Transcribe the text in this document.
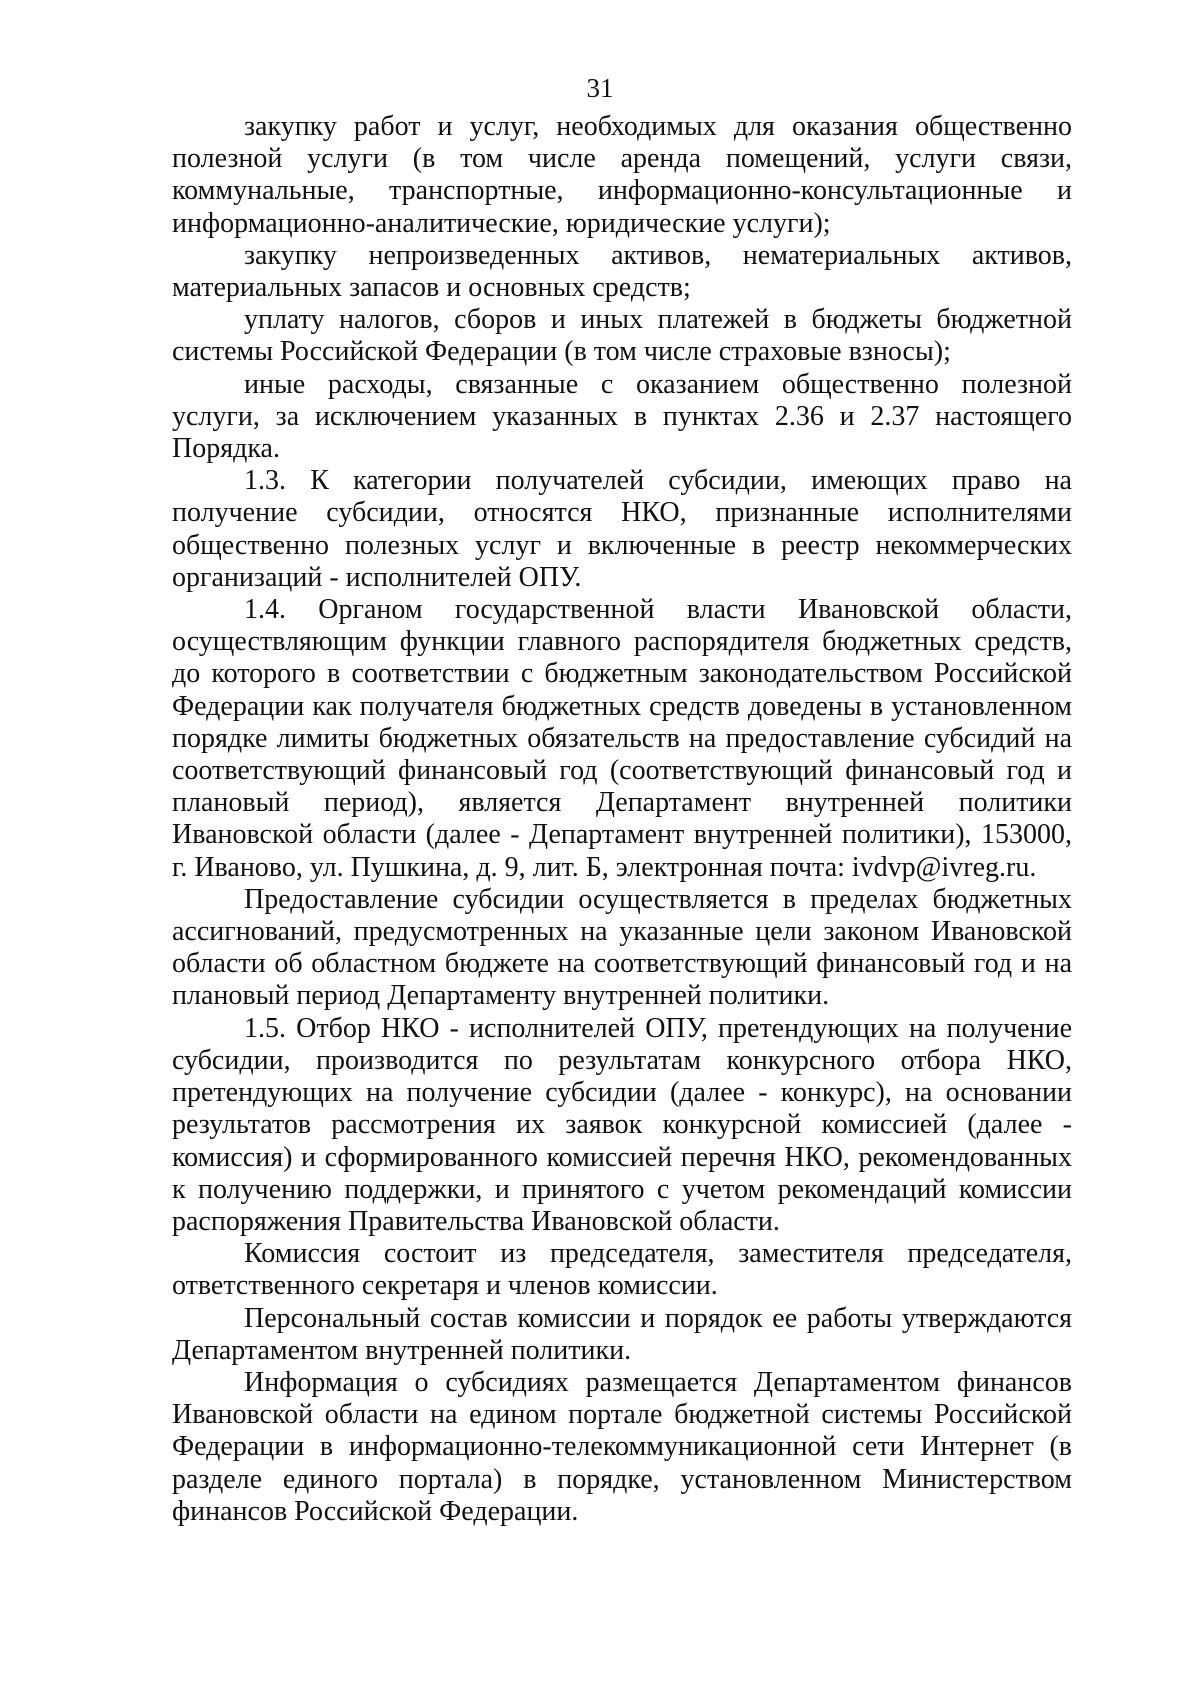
31

закупку работ и услуг, необходимых для оказания общественно полезной услуги (в том числе аренда помещений, услуги связи, коммунальные, транспортные, информационно-консультационные и информационно-аналитические, юридические услуги);

закупку непроизведенных активов, нематериальных активов, материальных запасов и основных средств;

уплату налогов, сборов и иных платежей в бюджеты бюджетной системы Российской Федерации (в том числе страховые взносы);

иные расходы, связанные с оказанием общественно полезной услуги, за исключением указанных в пунктах 2.36 и 2.37 настоящего Порядка.

1.3. К категории получателей субсидии, имеющих право на получение субсидии, относятся НКО, признанные исполнителями общественно полезных услуг и включенные в реестр некоммерческих организаций - исполнителей ОПУ.

1.4. Органом государственной власти Ивановской области, осуществляющим функции главного распорядителя бюджетных средств, до которого в соответствии с бюджетным законодательством Российской Федерации как получателя бюджетных средств доведены в установленном порядке лимиты бюджетных обязательств на предоставление субсидий на соответствующий финансовый год (соответствующий финансовый год и плановый период), является Департамент внутренней политики Ивановской области (далее - Департамент внутренней политики), 153000, г. Иваново, ул. Пушкина, д. 9, лит. Б, электронная почта: ivdvp@ivreg.ru.

Предоставление субсидии осуществляется в пределах бюджетных ассигнований, предусмотренных на указанные цели законом Ивановской области об областном бюджете на соответствующий финансовый год и на плановый период Департаменту внутренней политики.

1.5. Отбор НКО - исполнителей ОПУ, претендующих на получение субсидии, производится по результатам конкурсного отбора НКО, претендующих на получение субсидии (далее - конкурс), на основании результатов рассмотрения их заявок конкурсной комиссией (далее - комиссия) и сформированного комиссией перечня НКО, рекомендованных к получению поддержки, и принятого с учетом рекомендаций комиссии распоряжения Правительства Ивановской области.

Комиссия состоит из председателя, заместителя председателя, ответственного секретаря и членов комиссии.

Персональный состав комиссии и порядок ее работы утверждаются Департаментом внутренней политики.

Информация о субсидиях размещается Департаментом финансов Ивановской области на едином портале бюджетной системы Российской Федерации в информационно-телекоммуникационной сети Интернет (в разделе единого портала) в порядке, установленном Министерством финансов Российской Федерации.
